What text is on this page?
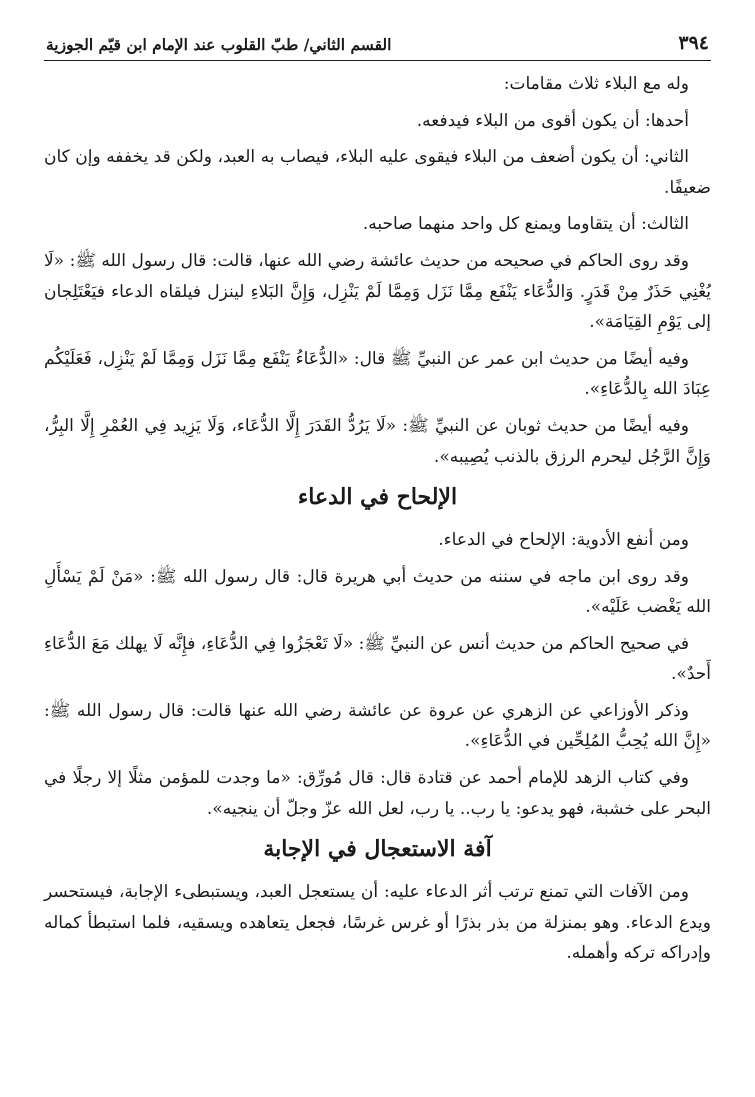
٣٩٤
القسم الثاني/ طبّ القلوب عند الإمام ابن قيّم الجوزية

وله مع البلاء ثلاث مقامات:

أحدها: أن يكون أقوى من البلاء فيدفعه.

الثاني: أن يكون أضعف من البلاء فيقوى عليه البلاء، فيصاب به العبد، ولكن قد يخففه وإن كان ضعيفًا.

الثالث: أن يتقاوما ويمنع كل واحد منهما صاحبه.

وقد روى الحاكم في صحيحه من حديث عائشة رضي الله عنها، قالت: قال رسول الله ﷺ: «لَا يُغْنِي حَذَرٌ مِنْ قَدَرٍ. وَالدُّعَاء يَنْفَع مِمَّا نَزَل وَمِمَّا لَمْ يَنْزِل، وَإِنَّ البَلاءِ لينزل فيلقاه الدعاء فيَعْتَلِجان إلى يَوْمِ القِيَامَة».

وفيه أيضًا من حديث ابن عمر عن النبيِّ ﷺ قال: «الدُّعَاءُ يَنْفَع مِمَّا نَزَل وَمِمَّا لَمْ يَنْزِل، فَعَلَيْكُم عِبَادَ الله بِالدُّعَاءِ».

وفيه أيضًا من حديث ثوبان عن النبيِّ ﷺ: «لَا يَرُدُّ القَدَرَ إِلَّا الدُّعَاء، وَلَا يَزِيد فِي العُمْرِ إِلَّا البِرُّ، وَإِنَّ الرَّجُل ليحرم الرزق بالذنب يُصِيبه».

الإلحاح في الدعاء

ومن أنفع الأدوية: الإلحاح في الدعاء.

وقد روى ابن ماجه في سننه من حديث أبي هريرة قال: قال رسول الله ﷺ: «مَنْ لَمْ يَسْأَلِ الله يَغْضب عَلَيْه».

في صحيح الحاكم من حديث أنس عن النبيِّ ﷺ: «لَا تَعْجَزُوا فِي الدُّعَاءِ، فإِنَّه لَا يهلك مَعَ الدُّعَاءِ أَحدٌ».

وذكر الأوزاعي عن الزهري عن عروة عن عائشة رضي الله عنها قالت: قال رسول الله ﷺ: «إِنَّ الله يُحِبُّ المُلِحِّين في الدُّعَاءِ».

وفي كتاب الزهد للإمام أحمد عن قتادة قال: قال مُورِّق: «ما وجدت للمؤمن مثلًا إلا رجلًا في البحر على خشبة، فهو يدعو: يا رب.. يا رب، لعل الله عزّ وجلّ أن ينجيه».

آفة الاستعجال في الإجابة

ومن الآفات التي تمنع ترتب أثر الدعاء عليه: أن يستعجل العبد، ويستبطىء الإجابة، فيستحسر ويدع الدعاء. وهو بمنزلة من بذر بذرًا أو غرس غرسًا، فجعل يتعاهده ويسقيه، فلما استبطأ كماله وإدراكه تركه وأهمله.
